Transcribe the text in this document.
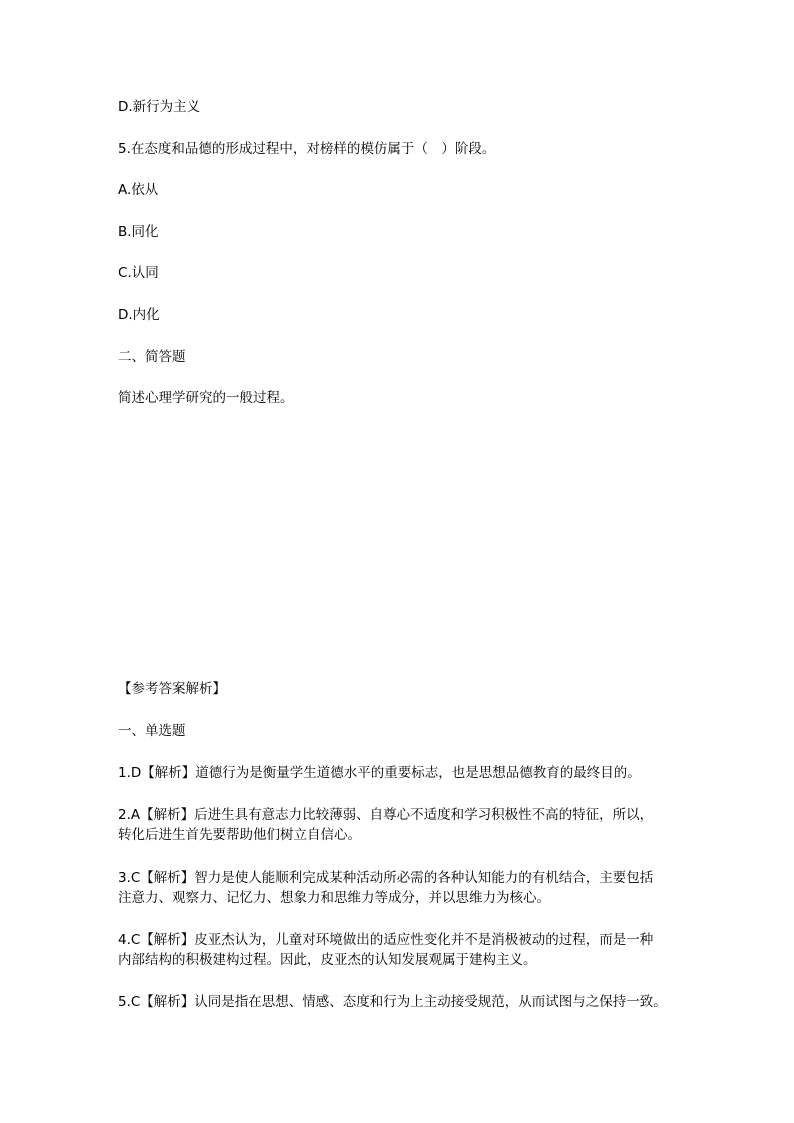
D.新行为主义
5.在态度和品德的形成过程中，对榜样的模仿属于（　）阶段。
A.依从
B.同化
C.认同
D.内化
二、简答题
简述心理学研究的一般过程。
【参考答案解析】
一、单选题
1.D【解析】道德行为是衡量学生道德水平的重要标志，也是思想品德教育的最终目的。
2.A【解析】后进生具有意志力比较薄弱、自尊心不适度和学习积极性不高的特征，所以，
转化后进生首先要帮助他们树立自信心。
3.C【解析】智力是使人能顺利完成某种活动所必需的各种认知能力的有机结合，主要包括
注意力、观察力、记忆力、想象力和思维力等成分，并以思维力为核心。
4.C【解析】皮亚杰认为，儿童对环境做出的适应性变化并不是消极被动的过程，而是一种
内部结构的积极建构过程。因此，皮亚杰的认知发展观属于建构主义。
5.C【解析】认同是指在思想、情感、态度和行为上主动接受规范，从而试图与之保持一致。
